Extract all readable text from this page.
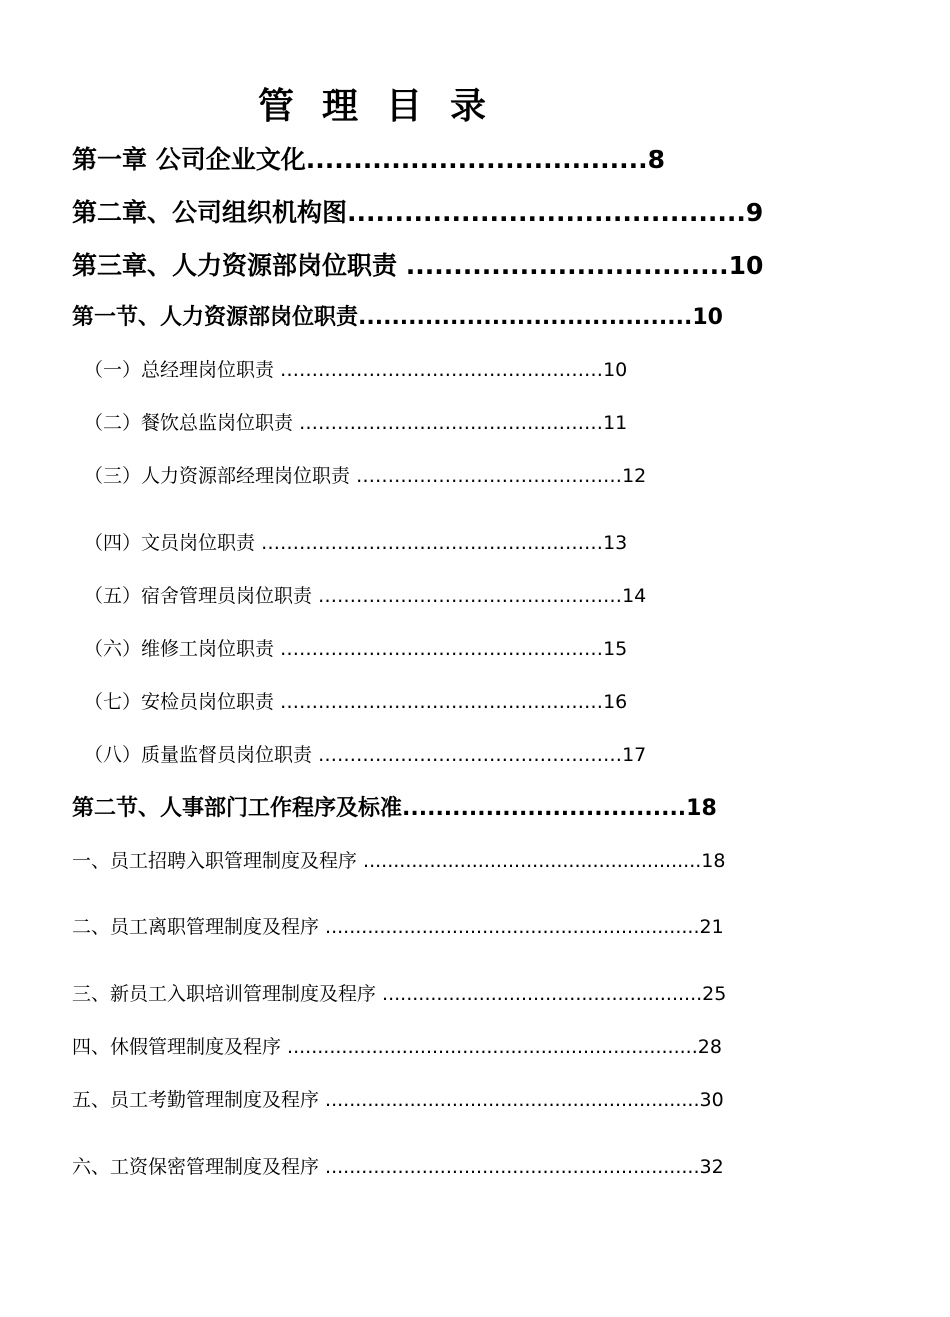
管理目录
第一章 公司企业文化....................................8
第二章、公司组织机构图..........................................9
第三章、人力资源部岗位职责 ..................................10
第一节、人力资源部岗位职责........................................10
（一）总经理岗位职责 ……………………………………………10
（二）餐饮总监岗位职责 …………………………………………11
（三）人力资源部经理岗位职责 ……………………………………12
（四）文员岗位职责 ………………………………………………13
（五）宿舍管理员岗位职责 …………………………………………14
（六）维修工岗位职责 ……………………………………………15
（七）安检员岗位职责 ……………………………………………16
（八）质量监督员岗位职责 …………………………………………17
第二节、人事部门工作程序及标准..................................18
一、员工招聘入职管理制度及程序 ........................................................18
二、员工离职管理制度及程序 ..............................................................21
三、新员工入职培训管理制度及程序 .....................................................25
四、休假管理制度及程序 ....................................................................28
五、员工考勤管理制度及程序 ..............................................................30
六、工资保密管理制度及程序 ..............................................................32
